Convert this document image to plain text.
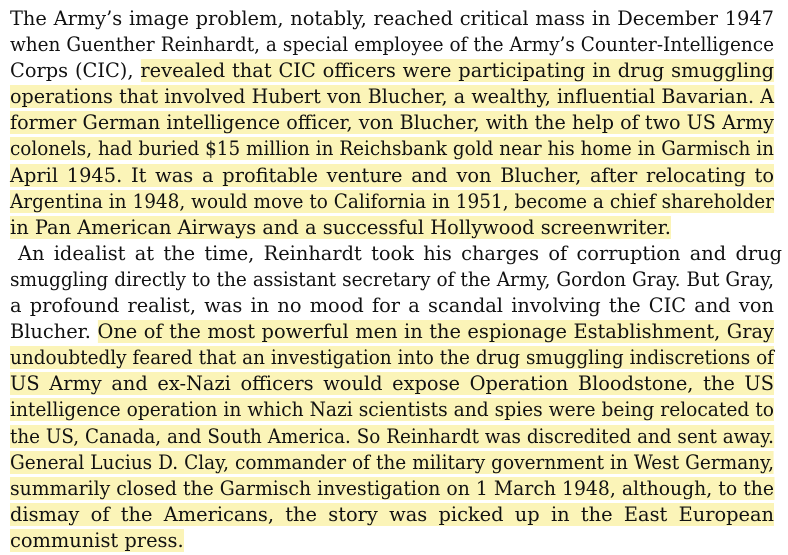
The Army’s image problem, notably, reached critical mass in December 1947
when Guenther Reinhardt, a special employee of the Army’s Counter-Intelligence
Corps (CIC), revealed that CIC officers were participating in drug smuggling
operations that involved Hubert von Blucher, a wealthy, influential Bavarian. A
former German intelligence officer, von Blucher, with the help of two US Army
colonels, had buried $15 million in Reichsbank gold near his home in Garmisch in
April 1945. It was a profitable venture and von Blucher, after relocating to
Argentina in 1948, would move to California in 1951, become a chief shareholder
in Pan American Airways and a successful Hollywood screenwriter.
An idealist at the time, Reinhardt took his charges of corruption and drug
smuggling directly to the assistant secretary of the Army, Gordon Gray. But Gray,
a profound realist, was in no mood for a scandal involving the CIC and von
Blucher. One of the most powerful men in the espionage Establishment, Gray
undoubtedly feared that an investigation into the drug smuggling indiscretions of
US Army and ex-Nazi officers would expose Operation Bloodstone, the US
intelligence operation in which Nazi scientists and spies were being relocated to
the US, Canada, and South America. So Reinhardt was discredited and sent away.
General Lucius D. Clay, commander of the military government in West Germany,
summarily closed the Garmisch investigation on 1 March 1948, although, to the
dismay of the Americans, the story was picked up in the East European
communist press.
